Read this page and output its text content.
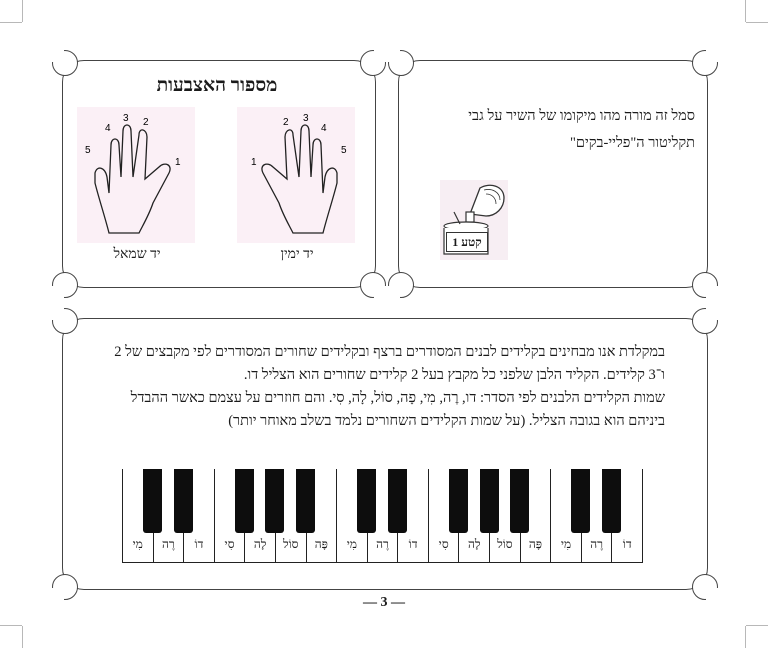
מספור האצבעות
5
4
3 2
1
יד שמאל
1
2 3
4
5
יד ימין
סמל זה מורה מהו מיקומו של השיר על גבי
תקליטור ה"פליי-בקים"
קטע 1
במקלדת אנו מבחינים בקלידים לבנים המסודרים ברצף ובקלידים שחורים המסודרים לפי מקבצים של 2
ו־3 קלידים. הקליד הלבן שלפני כל מקבץ בעל 2 קלידים שחורים הוא הצליל דו.
שמות הקלידים הלבנים לפי הסדר: דו, רֶה, מִי, פָה, סוֹל, לָה, סִי. והם חוזרים על עצמם כאשר ההבדל
ביניהם הוא בגובה הצליל. (על שמות הקלידים השחורים נלמד בשלב מאוחר יותר)
דוֹ
רֶה
מִי
פָּה
סוֹל
לָה
סִי
דוֹ
רֶה
מִי
פָּה
סוֹל
לָה
סִי
דוֹ
רֶה
מִי
— 3 —
